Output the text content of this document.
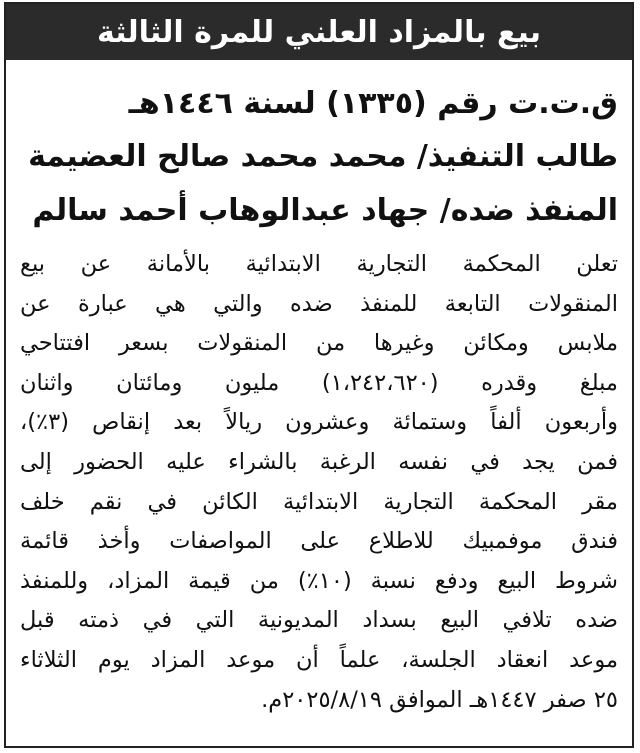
بيع بالمزاد العلني للمرة الثالثة
ق.ت.ت رقم (١٣٣٥) لسنة ١٤٤٦هـ
طالب التنفيذ/ محمد محمد صالح العضيمة
المنفذ ضده/ جهاد عبدالوهاب أحمد سالم
تعلن المحكمة التجارية الابتدائية بالأمانة عن بيع
المنقولات التابعة للمنفذ ضده والتي هي عبارة عن
ملابس ومكائن وغيرها من المنقولات بسعر افتتاحي
مبلغ وقدره (١،٢٤٢،٦٢٠) مليون ومائتان واثنان
وأربعون ألفاً وستمائة وعشرون ريالاً بعد إنقاص (٣٪)،
فمن يجد في نفسه الرغبة بالشراء عليه الحضور إلى
مقر المحكمة التجارية الابتدائية الكائن في نقم خلف
فندق موفمبيك للاطلاع على المواصفات وأخذ قائمة
شروط البيع ودفع نسبة (١٠٪) من قيمة المزاد، وللمنفذ
ضده تلافي البيع بسداد المديونية التي في ذمته قبل
موعد انعقاد الجلسة، علماً أن موعد المزاد يوم الثلاثاء
٢٥ صفر ١٤٤٧هـ الموافق ٢٠٢٥/٨/١٩م.
